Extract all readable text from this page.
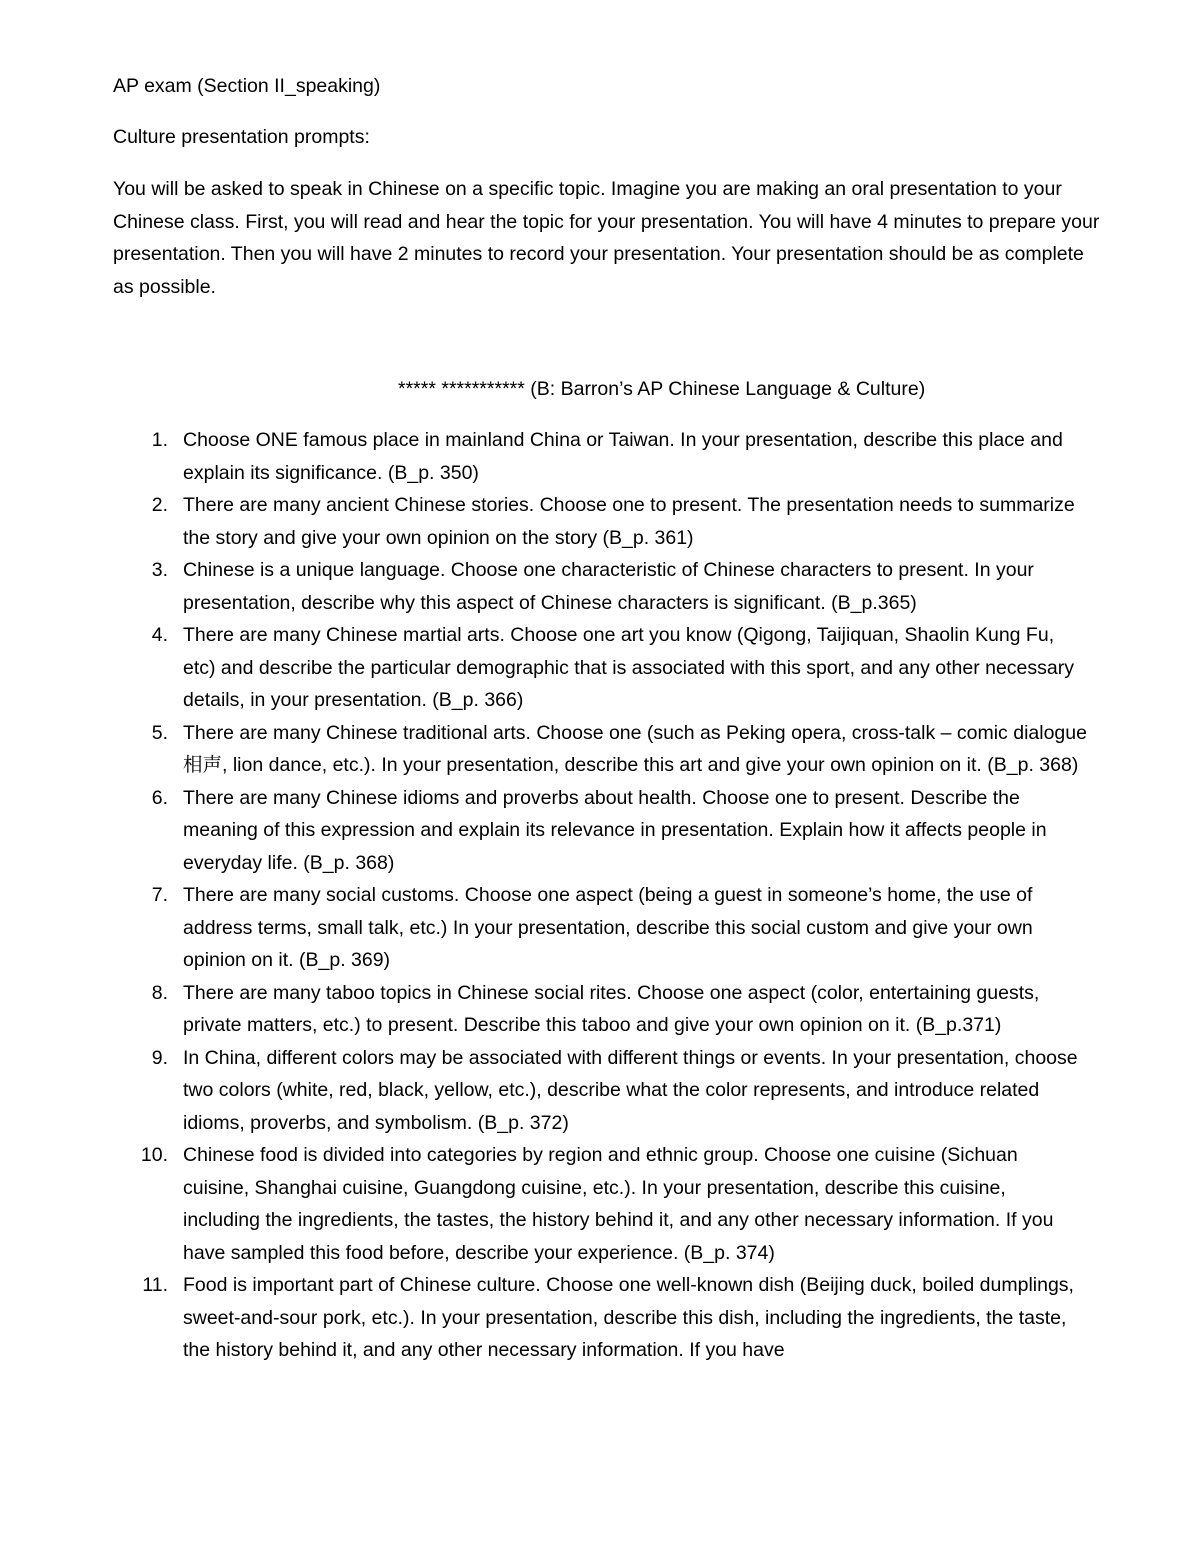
AP exam (Section II_speaking)
Culture presentation prompts:

You will be asked to speak in Chinese on a specific topic. Imagine you are making an oral presentation to your Chinese class. First, you will read and hear the topic for your presentation. You will have 4 minutes to prepare your presentation. Then you will have 2 minutes to record your presentation. Your presentation should be as complete as possible.

***** *********** (B: Barron’s AP Chinese Language & Culture)
1. Choose ONE famous place in mainland China or Taiwan. In your presentation, describe this place and explain its significance. (B_p. 350)
2. There are many ancient Chinese stories. Choose one to present. The presentation needs to summarize the story and give your own opinion on the story (B_p. 361)
3. Chinese is a unique language. Choose one characteristic of Chinese characters to present. In your presentation, describe why this aspect of Chinese characters is significant. (B_p.365)
4. There are many Chinese martial arts. Choose one art you know (Qigong, Taijiquan, Shaolin Kung Fu, etc) and describe the particular demographic that is associated with this sport, and any other necessary details, in your presentation. (B_p. 366)
5. There are many Chinese traditional arts. Choose one (such as Peking opera, cross-talk – comic dialogue 相声, lion dance, etc.). In your presentation, describe this art and give your own opinion on it. (B_p. 368)
6. There are many Chinese idioms and proverbs about health. Choose one to present. Describe the meaning of this expression and explain its relevance in presentation. Explain how it affects people in everyday life. (B_p. 368)
7. There are many social customs. Choose one aspect (being a guest in someone’s home, the use of address terms, small talk, etc.) In your presentation, describe this social custom and give your own opinion on it. (B_p. 369)
8. There are many taboo topics in Chinese social rites. Choose one aspect (color, entertaining guests, private matters, etc.) to present. Describe this taboo and give your own opinion on it. (B_p.371)
9. In China, different colors may be associated with different things or events. In your presentation, choose two colors (white, red, black, yellow, etc.), describe what the color represents, and introduce related idioms, proverbs, and symbolism. (B_p. 372)
10. Chinese food is divided into categories by region and ethnic group. Choose one cuisine (Sichuan cuisine, Shanghai cuisine, Guangdong cuisine, etc.). In your presentation, describe this cuisine, including the ingredients, the tastes, the history behind it, and any other necessary information. If you have sampled this food before, describe your experience. (B_p. 374)
11. Food is important part of Chinese culture. Choose one well-known dish (Beijing duck, boiled dumplings, sweet-and-sour pork, etc.). In your presentation, describe this dish, including the ingredients, the taste, the history behind it, and any other necessary information. If you have
